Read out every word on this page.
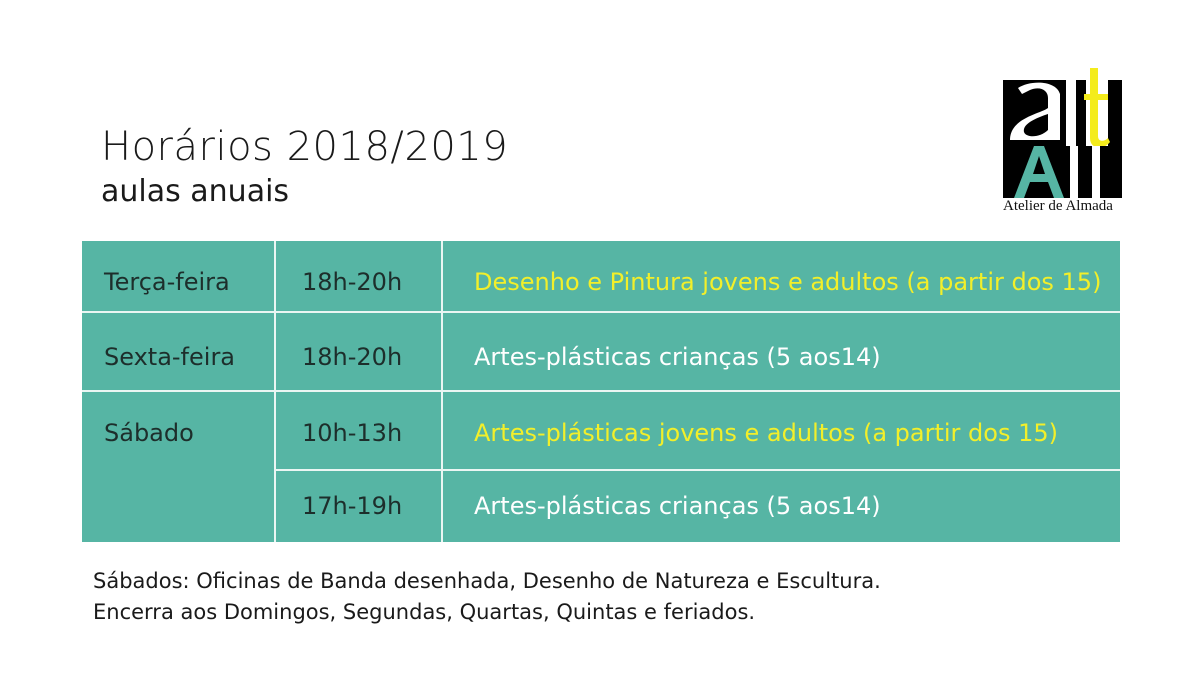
Horários 2018/2019
aulas anuais	Atelier de Almada
Terça-feira	18h-20h	Desenho e Pintura jovens e adultos (a partir dos 15)
Sexta-feira	18h-20h	Artes-plásticas crianças (5 aos14)
Sábado	10h-13h	Artes-plásticas jovens e adultos (a partir dos 15)
17h-19h	Artes-plásticas crianças (5 aos14)
Sábados: Oficinas de Banda desenhada, Desenho de Natureza e Escultura.
Encerra aos Domingos, Segundas, Quartas, Quintas e feriados.
